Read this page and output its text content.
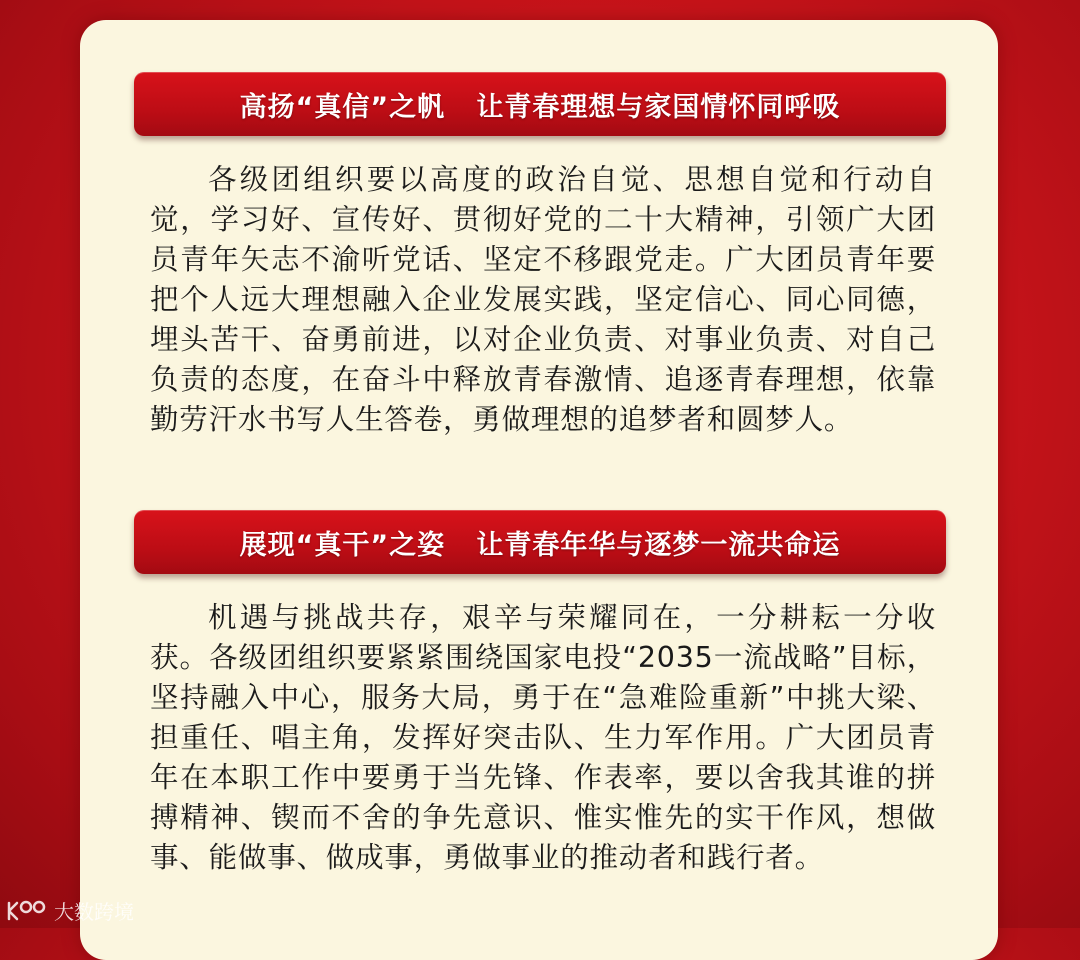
高扬“真信”之帆   让青春理想与家国情怀同呼吸

各级团组织要以高度的政治自觉、思想自觉和行动自觉，学习好、宣传好、贯彻好党的二十大精神，引领广大团员青年矢志不渝听党话、坚定不移跟党走。广大团员青年要把个人远大理想融入企业发展实践，坚定信心、同心同德，埋头苦干、奋勇前进，以对企业负责、对事业负责、对自己负责的态度，在奋斗中释放青春激情、追逐青春理想，依靠勤劳汗水书写人生答卷，勇做理想的追梦者和圆梦人。

展现“真干”之姿   让青春年华与逐梦一流共命运

机遇与挑战共存，艰辛与荣耀同在，一分耕耘一分收获。各级团组织要紧紧围绕国家电投“2035一流战略”目标，坚持融入中心，服务大局，勇于在“急难险重新”中挑大梁、担重任、唱主角，发挥好突击队、生力军作用。广大团员青年在本职工作中要勇于当先锋、作表率，要以舍我其谁的拼搏精神、锲而不舍的争先意识、惟实惟先的实干作风，想做事、能做事、做成事，勇做事业的推动者和践行者。

大数跨境
